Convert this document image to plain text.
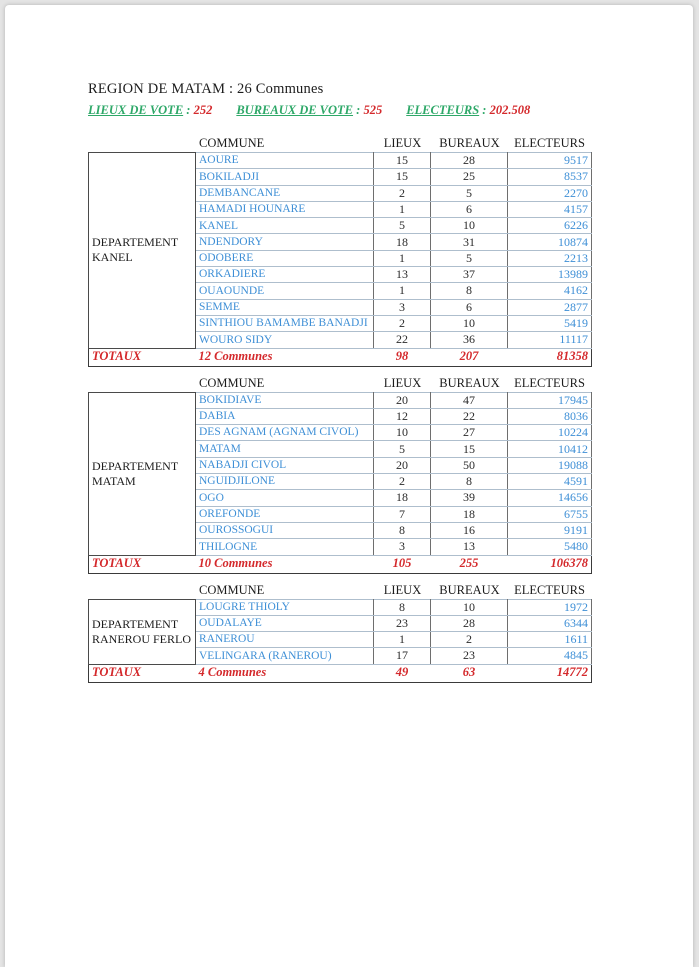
REGION DE MATAM : 26 Communes
LIEUX DE VOTE : 252 BUREAUX DE VOTE : 525 ELECTEURS : 202.508
COMMUNE	LIEUX	BUREAUX	ELECTEURS
DEPARTEMENT KANEL	AOURE	15	28	9517
	BOKILADJI	15	25	8537
	DEMBANCANE	2	5	2270
	HAMADI HOUNARE	1	6	4157
	KANEL	5	10	6226
	NDENDORY	18	31	10874
	ODOBERE	1	5	2213
	ORKADIERE	13	37	13989
	OUAOUNDE	1	8	4162
	SEMME	3	6	2877
	SINTHIOU BAMAMBE BANADJI	2	10	5419
	WOURO SIDY	22	36	11117
TOTAUX	12 Communes	98	207	81358
COMMUNE	LIEUX	BUREAUX	ELECTEURS
DEPARTEMENT MATAM	BOKIDIAVE	20	47	17945
	DABIA	12	22	8036
	DES AGNAM (AGNAM CIVOL)	10	27	10224
	MATAM	5	15	10412
	NABADJI CIVOL	20	50	19088
	NGUIDJILONE	2	8	4591
	OGO	18	39	14656
	OREFONDE	7	18	6755
	OUROSSOGUI	8	16	9191
	THILOGNE	3	13	5480
TOTAUX	10 Communes	105	255	106378
COMMUNE	LIEUX	BUREAUX	ELECTEURS
DEPARTEMENT RANEROU FERLO	LOUGRE THIOLY	8	10	1972
	OUDALAYE	23	28	6344
	RANEROU	1	2	1611
	VELINGARA (RANEROU)	17	23	4845
TOTAUX	4 Communes	49	63	14772
